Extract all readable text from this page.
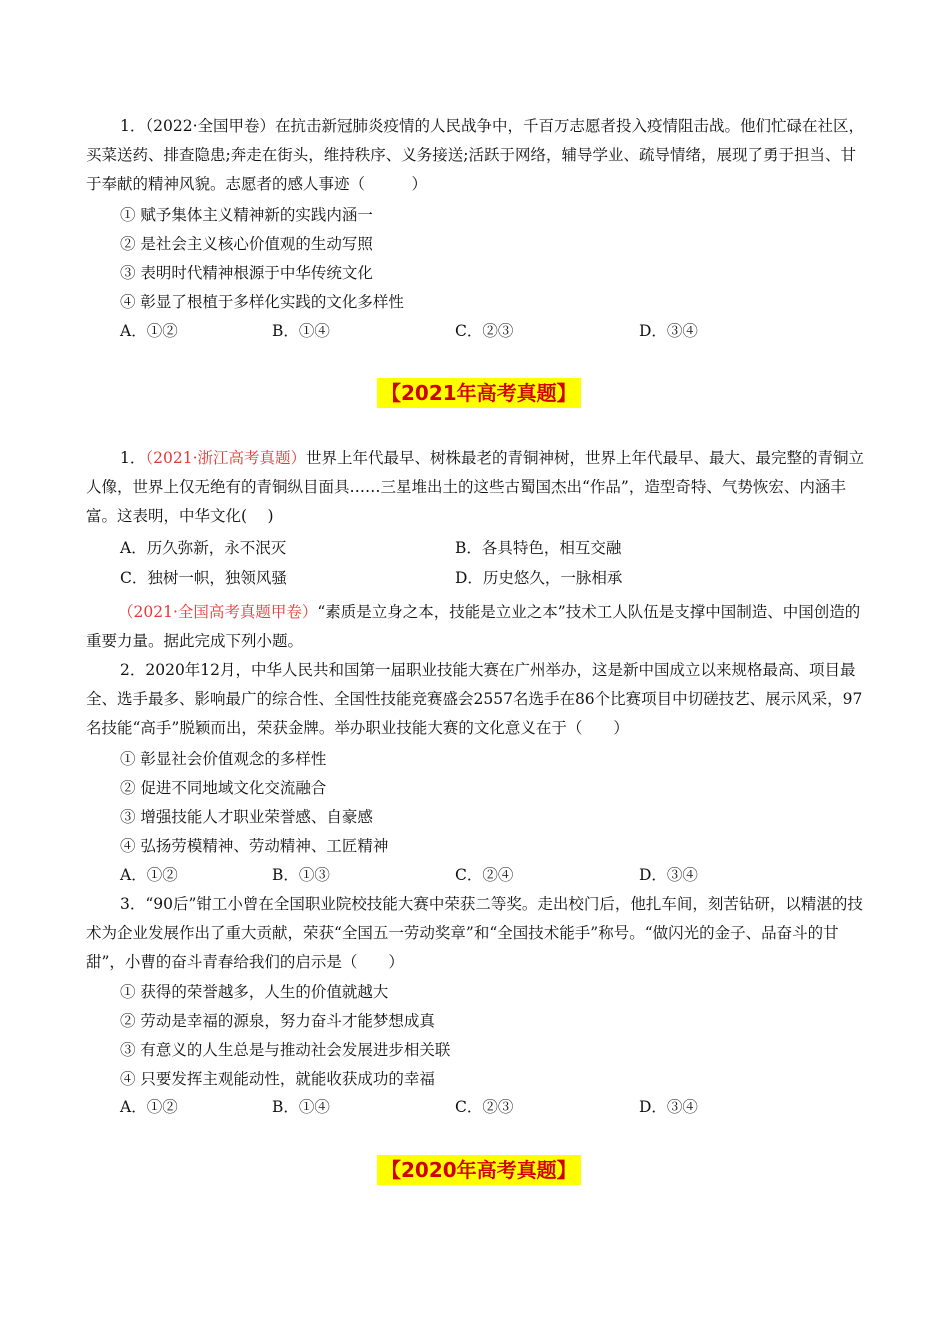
1．（2022·全国甲卷）在抗击新冠肺炎疫情的人民战争中，千百万志愿者投入疫情阻击战。他们忙碌在社区，买菜送药、排查隐患;奔走在街头，维持秩序、义务接送;活跃于网络，辅导学业、疏导情绪，展现了勇于担当、甘于奉献的精神风貌。志愿者的感人事迹（　　　）
① 赋予集体主义精神新的实践内涵一
② 是社会主义核心价值观的生动写照
③ 表明时代精神根源于中华传统文化
④ 彰显了根植于多样化实践的文化多样性
A．①②	B．①④	C．②③	D．③④
【2021年高考真题】
1．（2021·浙江高考真题）世界上年代最早、树株最老的青铜神树，世界上年代最早、最大、最完整的青铜立人像，世界上仅无绝有的青铜纵目面具……三星堆出土的这些古蜀国杰出“作品”，造型奇特、气势恢宏、内涵丰富。这表明，中华文化(　 )
A．历久弥新，永不泯灭	B．各具特色，相互交融
C．独树一帜，独领风骚	D．历史悠久，一脉相承
（2021·全国高考真题甲卷）“素质是立身之本，技能是立业之本”技术工人队伍是支撑中国制造、中国创造的重要力量。据此完成下列小题。
2．2020年12月，中华人民共和国第一届职业技能大赛在广州举办，这是新中国成立以来规格最高、项目最全、选手最多、影响最广的综合性、全国性技能竞赛盛会2557名选手在86个比赛项目中切磋技艺、展示风采，97名技能“高手”脱颖而出，荣获金牌。举办职业技能大赛的文化意义在于（　　）
① 彰显社会价值观念的多样性
② 促进不同地域文化交流融合
③ 增强技能人才职业荣誉感、自豪感
④ 弘扬劳模精神、劳动精神、工匠精神
A．①②	B．①③	C．②④	D．③④
3．“90后”钳工小曾在全国职业院校技能大赛中荣获二等奖。走出校门后，他扎车间，刻苦钻研，以精湛的技术为企业发展作出了重大贡献，荣获“全国五一劳动奖章”和“全国技术能手”称号。“做闪光的金子、品奋斗的甘甜”，小曹的奋斗青春给我们的启示是（　　）
① 获得的荣誉越多，人生的价值就越大
② 劳动是幸福的源泉，努力奋斗才能梦想成真
③ 有意义的人生总是与推动社会发展进步相关联
④ 只要发挥主观能动性，就能收获成功的幸福
A．①②	B．①④	C．②③	D．③④
【2020年高考真题】
